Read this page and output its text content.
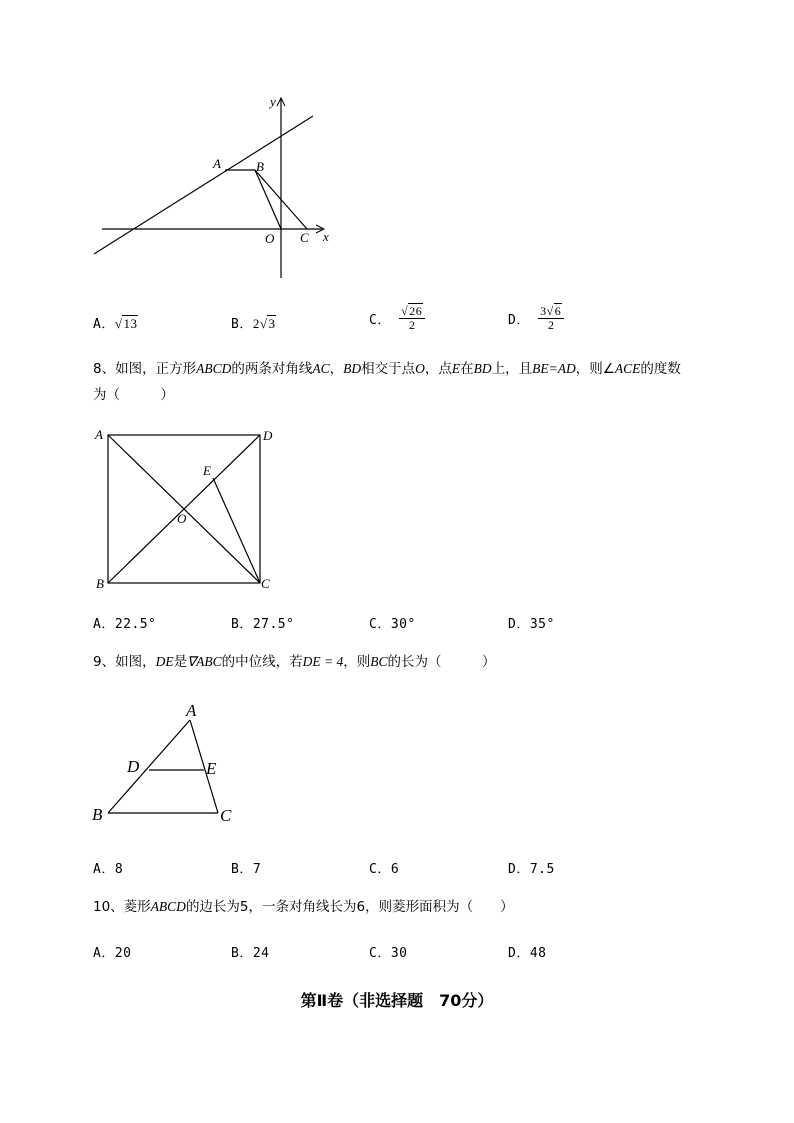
y
x
A	B
O C
A．√13	B．2√3	C． $\frac{√26}{2}$	D． $\frac{3√6}{2}$
8、如图，正方形ABCD的两条对角线AC，BD相交于点O，点E在BD上，且BE=AD，则∠ACE的度数
为（　　　）
A	D
B	C
E
O
A．22.5°	B．27.5°	C．30°	D．35°
9、如图，DE是∇ABC的中位线，若DE = 4，则BC的长为（　　　）
A
D	E
B	C
A．8	B．7	C．6	D．7.5
10、菱形ABCD的边长为5，一条对角线长为6，则菱形面积为（　　）
A．20	B．24	C．30	D．48
第Ⅱ卷（非选择题　70分）
